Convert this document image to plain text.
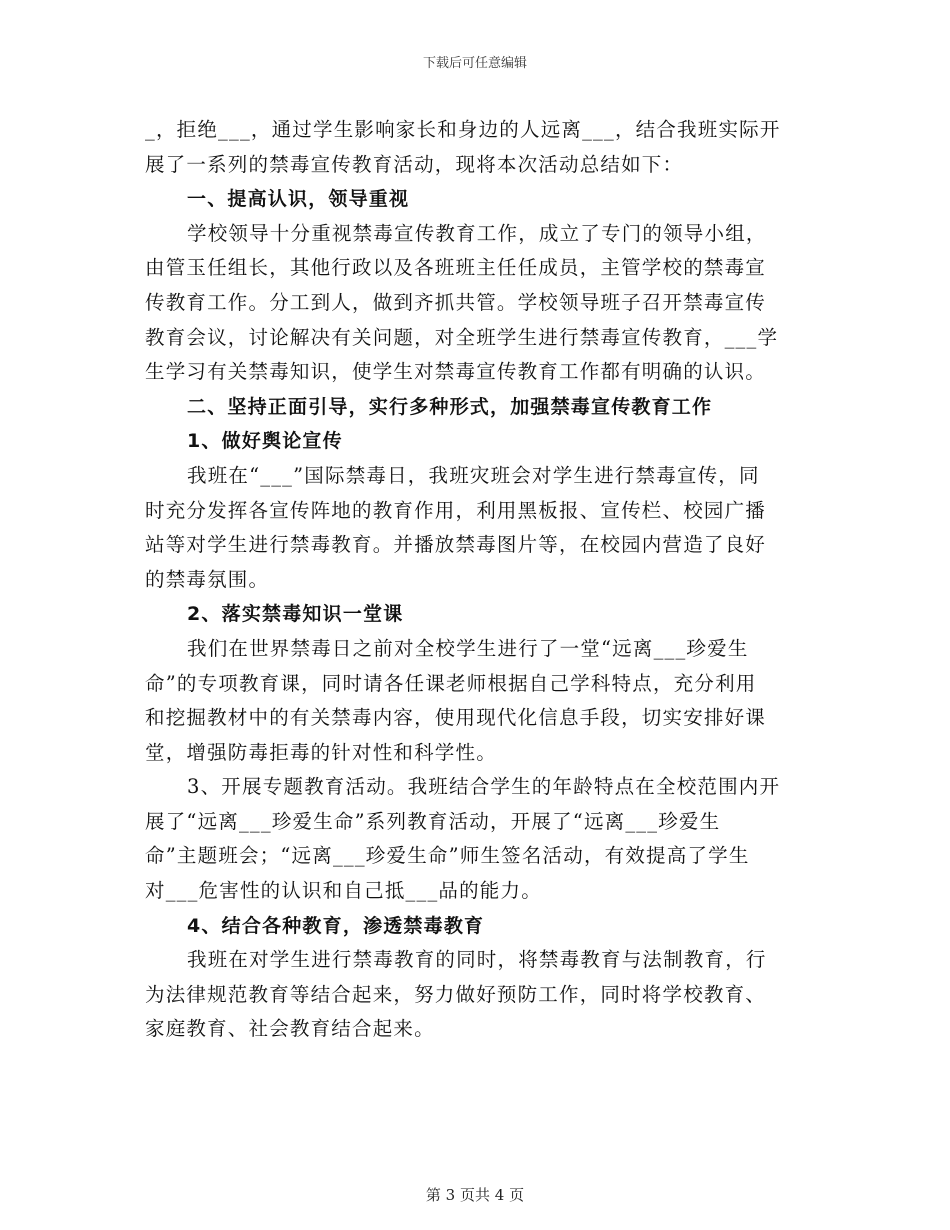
下载后可任意编辑
_，拒绝___，通过学生影响家长和身边的人远离___，结合我班实际开
展了一系列的禁毒宣传教育活动，现将本次活动总结如下：
一、提高认识，领导重视
学校领导十分重视禁毒宣传教育工作，成立了专门的领导小组，
由管玉任组长，其他行政以及各班班主任任成员，主管学校的禁毒宣
传教育工作。分工到人，做到齐抓共管。学校领导班子召开禁毒宣传
教育会议，讨论解决有关问题，对全班学生进行禁毒宣传教育，___学
生学习有关禁毒知识，使学生对禁毒宣传教育工作都有明确的认识。
二、坚持正面引导，实行多种形式，加强禁毒宣传教育工作
1、做好舆论宣传
我班在“___”国际禁毒日，我班灾班会对学生进行禁毒宣传，同
时充分发挥各宣传阵地的教育作用，利用黑板报、宣传栏、校园广播
站等对学生进行禁毒教育。并播放禁毒图片等，在校园内营造了良好
的禁毒氛围。
2、落实禁毒知识一堂课
我们在世界禁毒日之前对全校学生进行了一堂“远离___珍爱生
命”的专项教育课，同时请各任课老师根据自己学科特点，充分利用
和挖掘教材中的有关禁毒内容，使用现代化信息手段，切实安排好课
堂，增强防毒拒毒的针对性和科学性。
3、开展专题教育活动。我班结合学生的年龄特点在全校范围内开
展了“远离___珍爱生命”系列教育活动，开展了“远离___珍爱生
命”主题班会；“远离___珍爱生命”师生签名活动，有效提高了学生
对___危害性的认识和自己抵___品的能力。
4、结合各种教育，渗透禁毒教育
我班在对学生进行禁毒教育的同时，将禁毒教育与法制教育，行
为法律规范教育等结合起来，努力做好预防工作，同时将学校教育、
家庭教育、社会教育结合起来。
第 3 页共 4 页
